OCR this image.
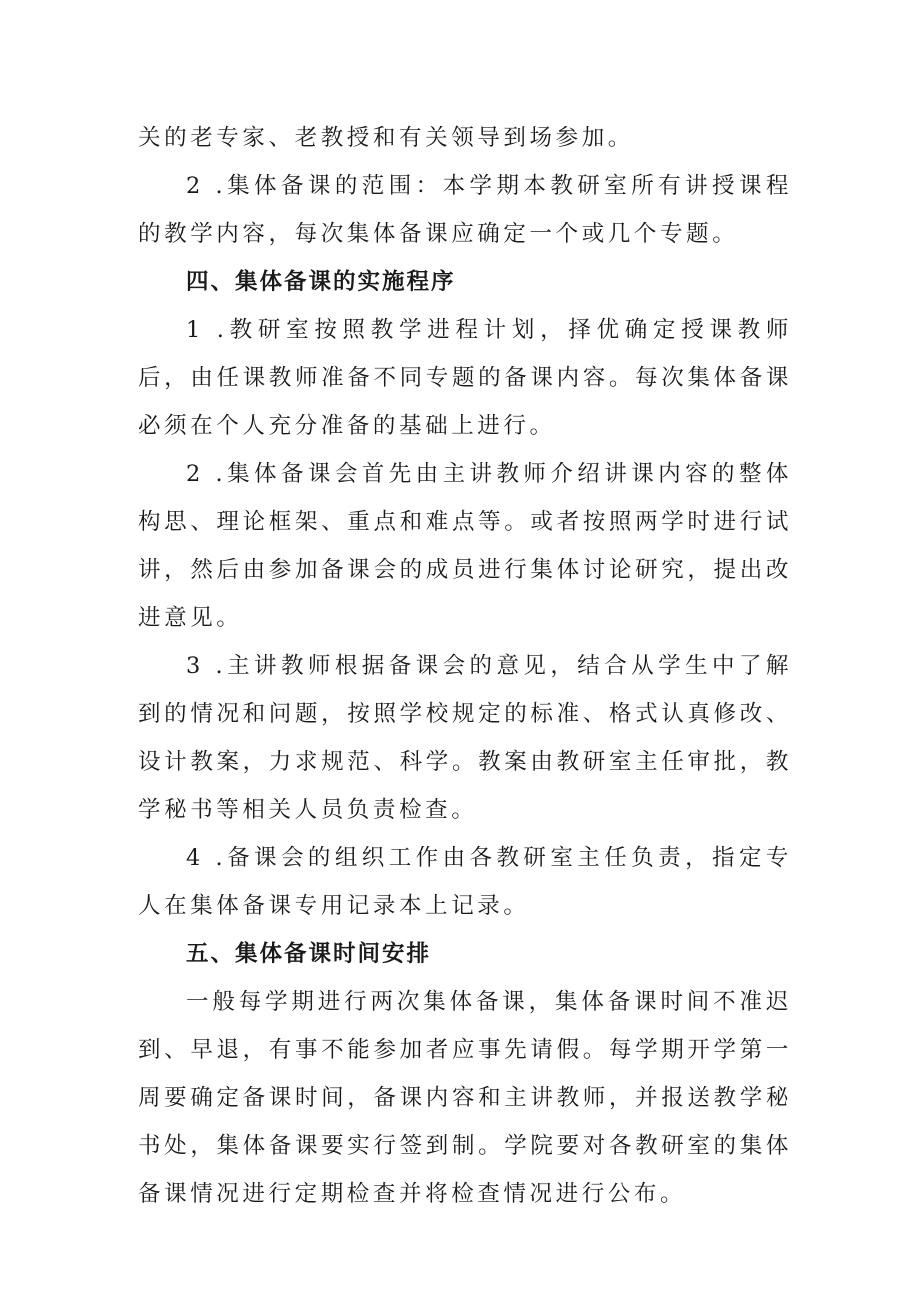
关的老专家、老教授和有关领导到场参加。

2 .集体备课的范围：本学期本教研室所有讲授课程的教学内容，每次集体备课应确定一个或几个专题。

四、集体备课的实施程序

1 .教研室按照教学进程计划，择优确定授课教师后，由任课教师准备不同专题的备课内容。每次集体备课必须在个人充分准备的基础上进行。

2 .集体备课会首先由主讲教师介绍讲课内容的整体构思、理论框架、重点和难点等。或者按照两学时进行试讲，然后由参加备课会的成员进行集体讨论研究，提出改进意见。

3 .主讲教师根据备课会的意见，结合从学生中了解到的情况和问题，按照学校规定的标准、格式认真修改、设计教案，力求规范、科学。教案由教研室主任审批，教学秘书等相关人员负责检查。

4 .备课会的组织工作由各教研室主任负责，指定专人在集体备课专用记录本上记录。

五、集体备课时间安排

一般每学期进行两次集体备课，集体备课时间不准迟到、早退，有事不能参加者应事先请假。每学期开学第一周要确定备课时间，备课内容和主讲教师，并报送教学秘书处，集体备课要实行签到制。学院要对各教研室的集体备课情况进行定期检查并将检查情况进行公布。
